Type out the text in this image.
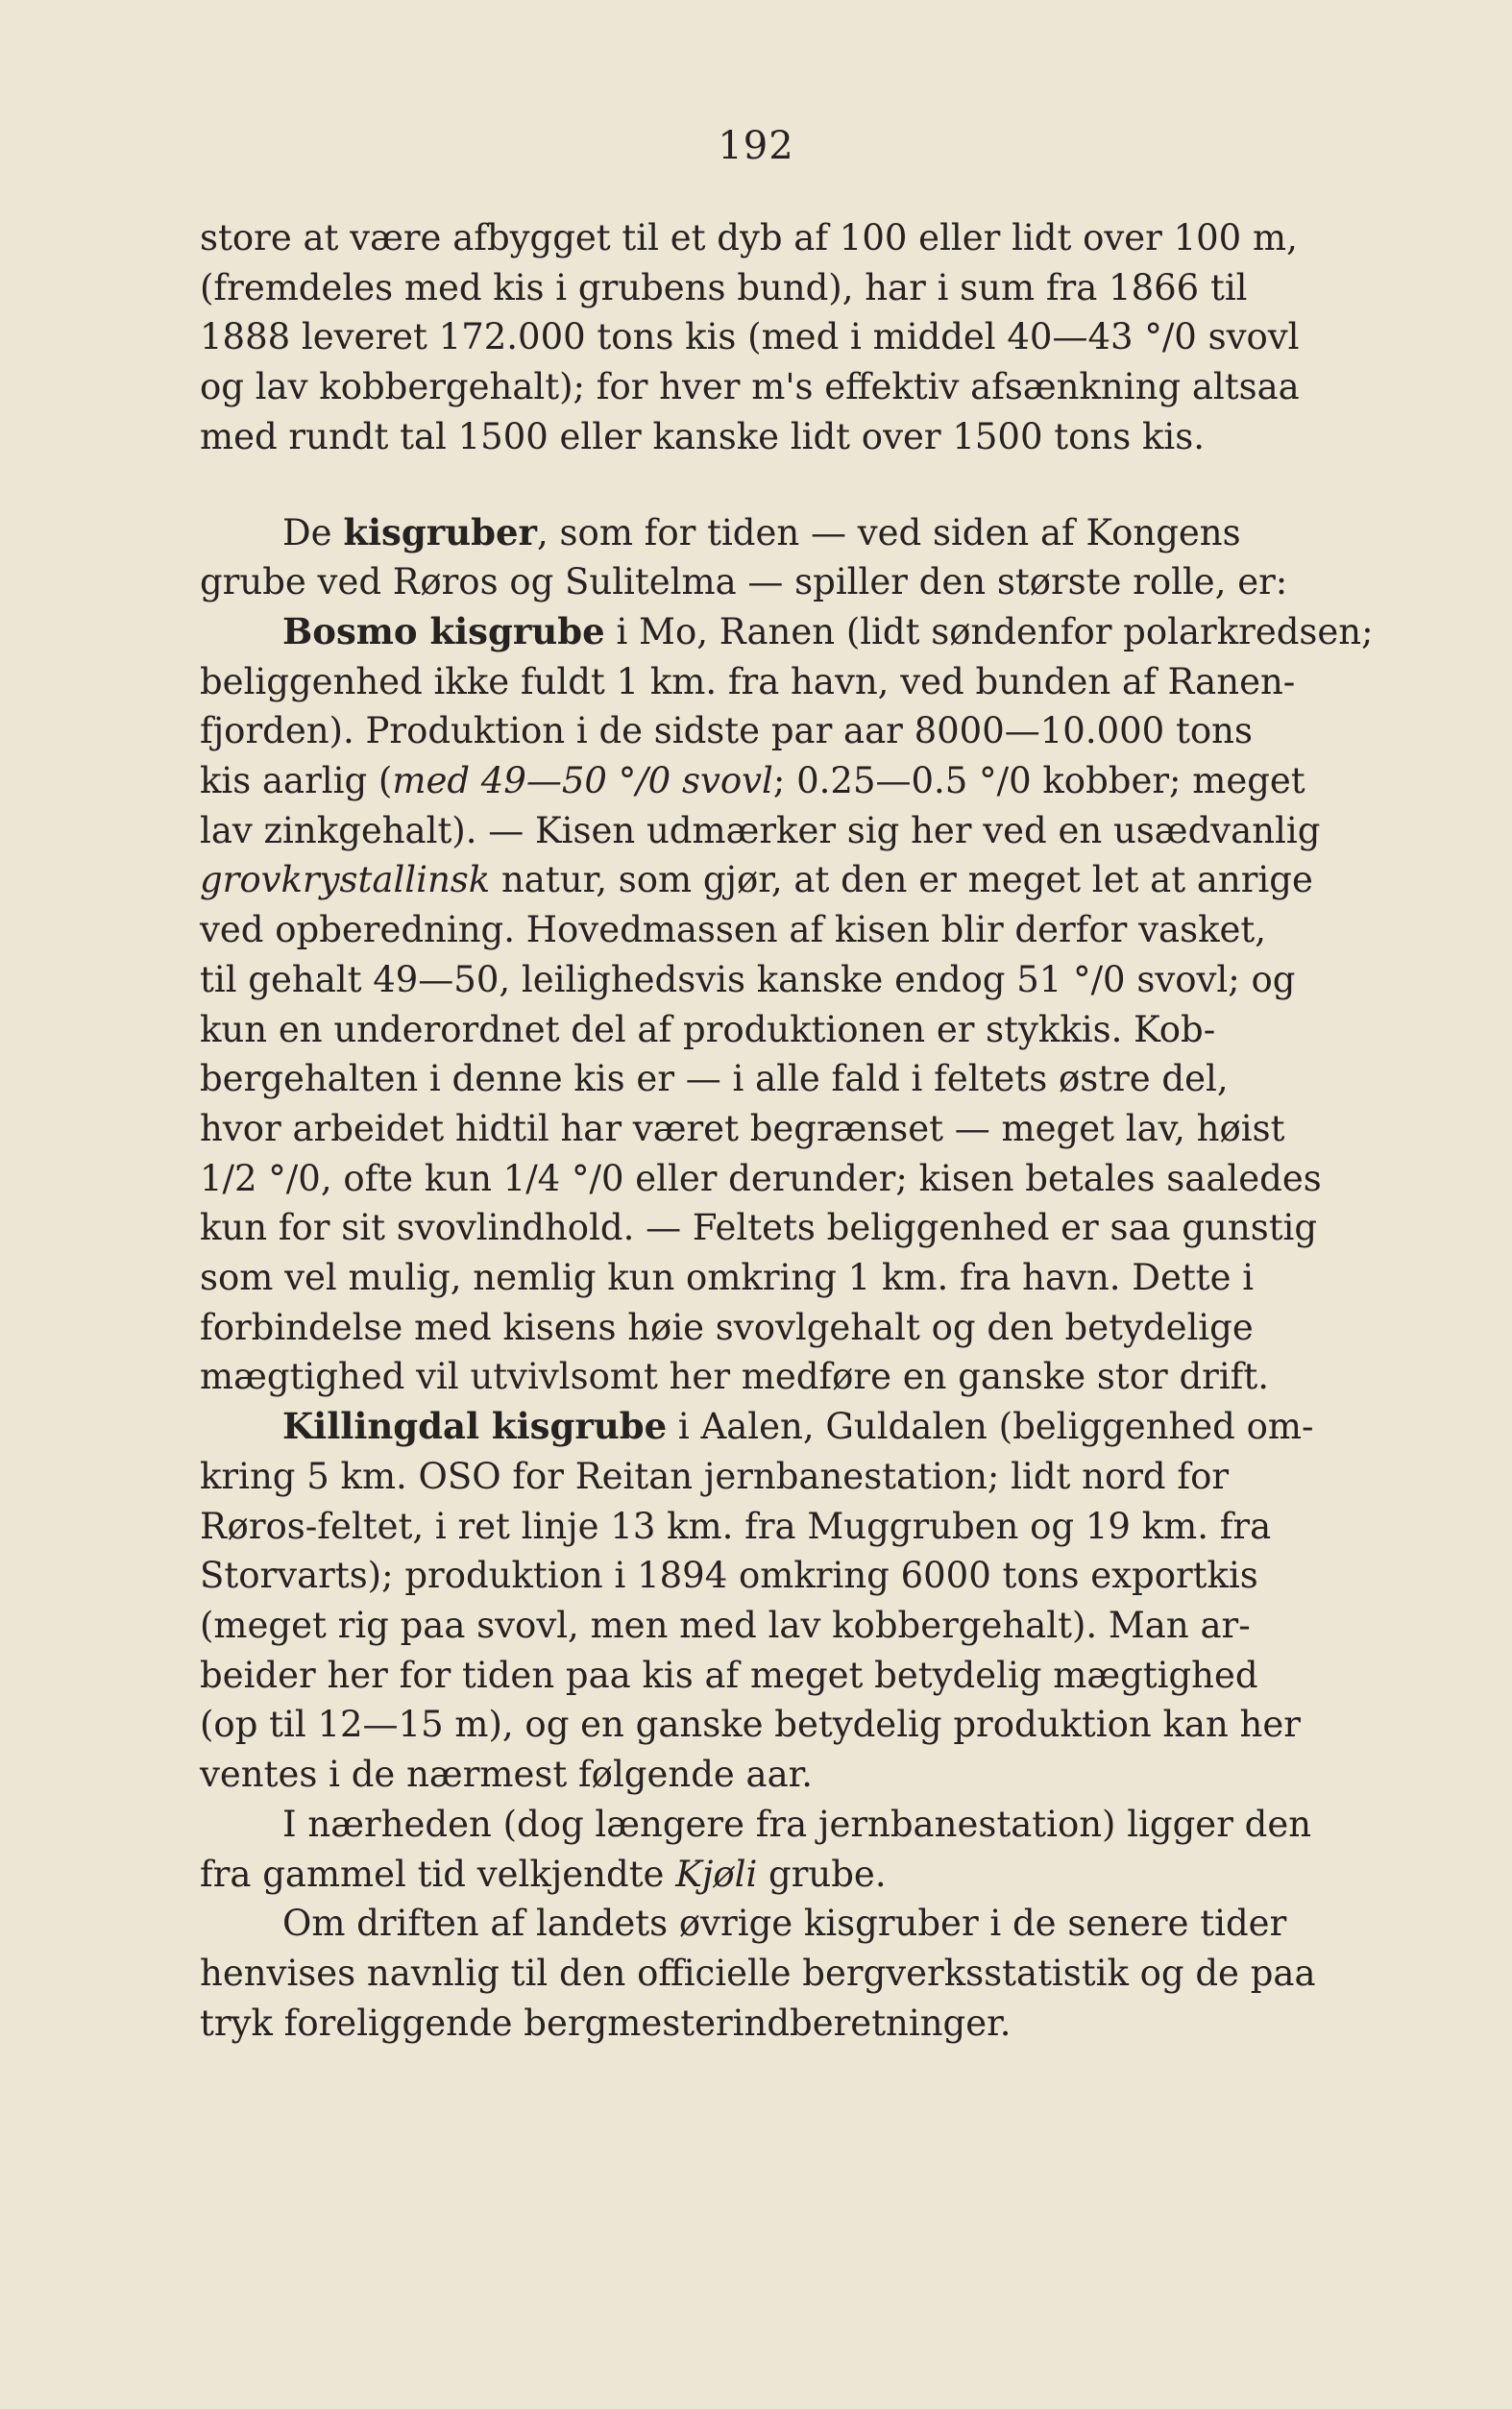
192
store at være afbygget til et dyb af 100 eller lidt over 100 m,
(fremdeles med kis i grubens bund), har i sum fra 1866 til
1888 leveret 172.000 tons kis (med i middel 40—43 °/0 svovl
og lav kobbergehalt); for hver m's effektiv afsænkning altsaa
med rundt tal 1500 eller kanske lidt over 1500 tons kis.
De kisgruber, som for tiden — ved siden af Kongens
grube ved Røros og Sulitelma — spiller den største rolle, er:
Bosmo kisgrube i Mo, Ranen (lidt søndenfor polarkredsen;
beliggenhed ikke fuldt 1 km. fra havn, ved bunden af Ranen-
fjorden). Produktion i de sidste par aar 8000—10.000 tons
kis aarlig (med 49—50 °/0 svovl; 0.25—0.5 °/0 kobber; meget
lav zinkgehalt). — Kisen udmærker sig her ved en usædvanlig
grovkrystallinsk natur, som gjør, at den er meget let at anrige
ved opberedning. Hovedmassen af kisen blir derfor vasket,
til gehalt 49—50, leilighedsvis kanske endog 51 °/0 svovl; og
kun en underordnet del af produktionen er stykkis. Kob-
bergehalten i denne kis er — i alle fald i feltets østre del,
hvor arbeidet hidtil har været begrænset — meget lav, høist
1/2 °/0, ofte kun 1/4 °/0 eller derunder; kisen betales saaledes
kun for sit svovlindhold. — Feltets beliggenhed er saa gunstig
som vel mulig, nemlig kun omkring 1 km. fra havn. Dette i
forbindelse med kisens høie svovlgehalt og den betydelige
mægtighed vil utvivlsomt her medføre en ganske stor drift.
Killingdal kisgrube i Aalen, Guldalen (beliggenhed om-
kring 5 km. OSO for Reitan jernbanestation; lidt nord for
Røros-feltet, i ret linje 13 km. fra Muggruben og 19 km. fra
Storvarts); produktion i 1894 omkring 6000 tons exportkis
(meget rig paa svovl, men med lav kobbergehalt). Man ar-
beider her for tiden paa kis af meget betydelig mægtighed
(op til 12—15 m), og en ganske betydelig produktion kan her
ventes i de nærmest følgende aar.
I nærheden (dog længere fra jernbanestation) ligger den
fra gammel tid velkjendte Kjøli grube.
Om driften af landets øvrige kisgruber i de senere tider
henvises navnlig til den officielle bergverksstatistik og de paa
tryk foreliggende bergmesterindberetninger.
